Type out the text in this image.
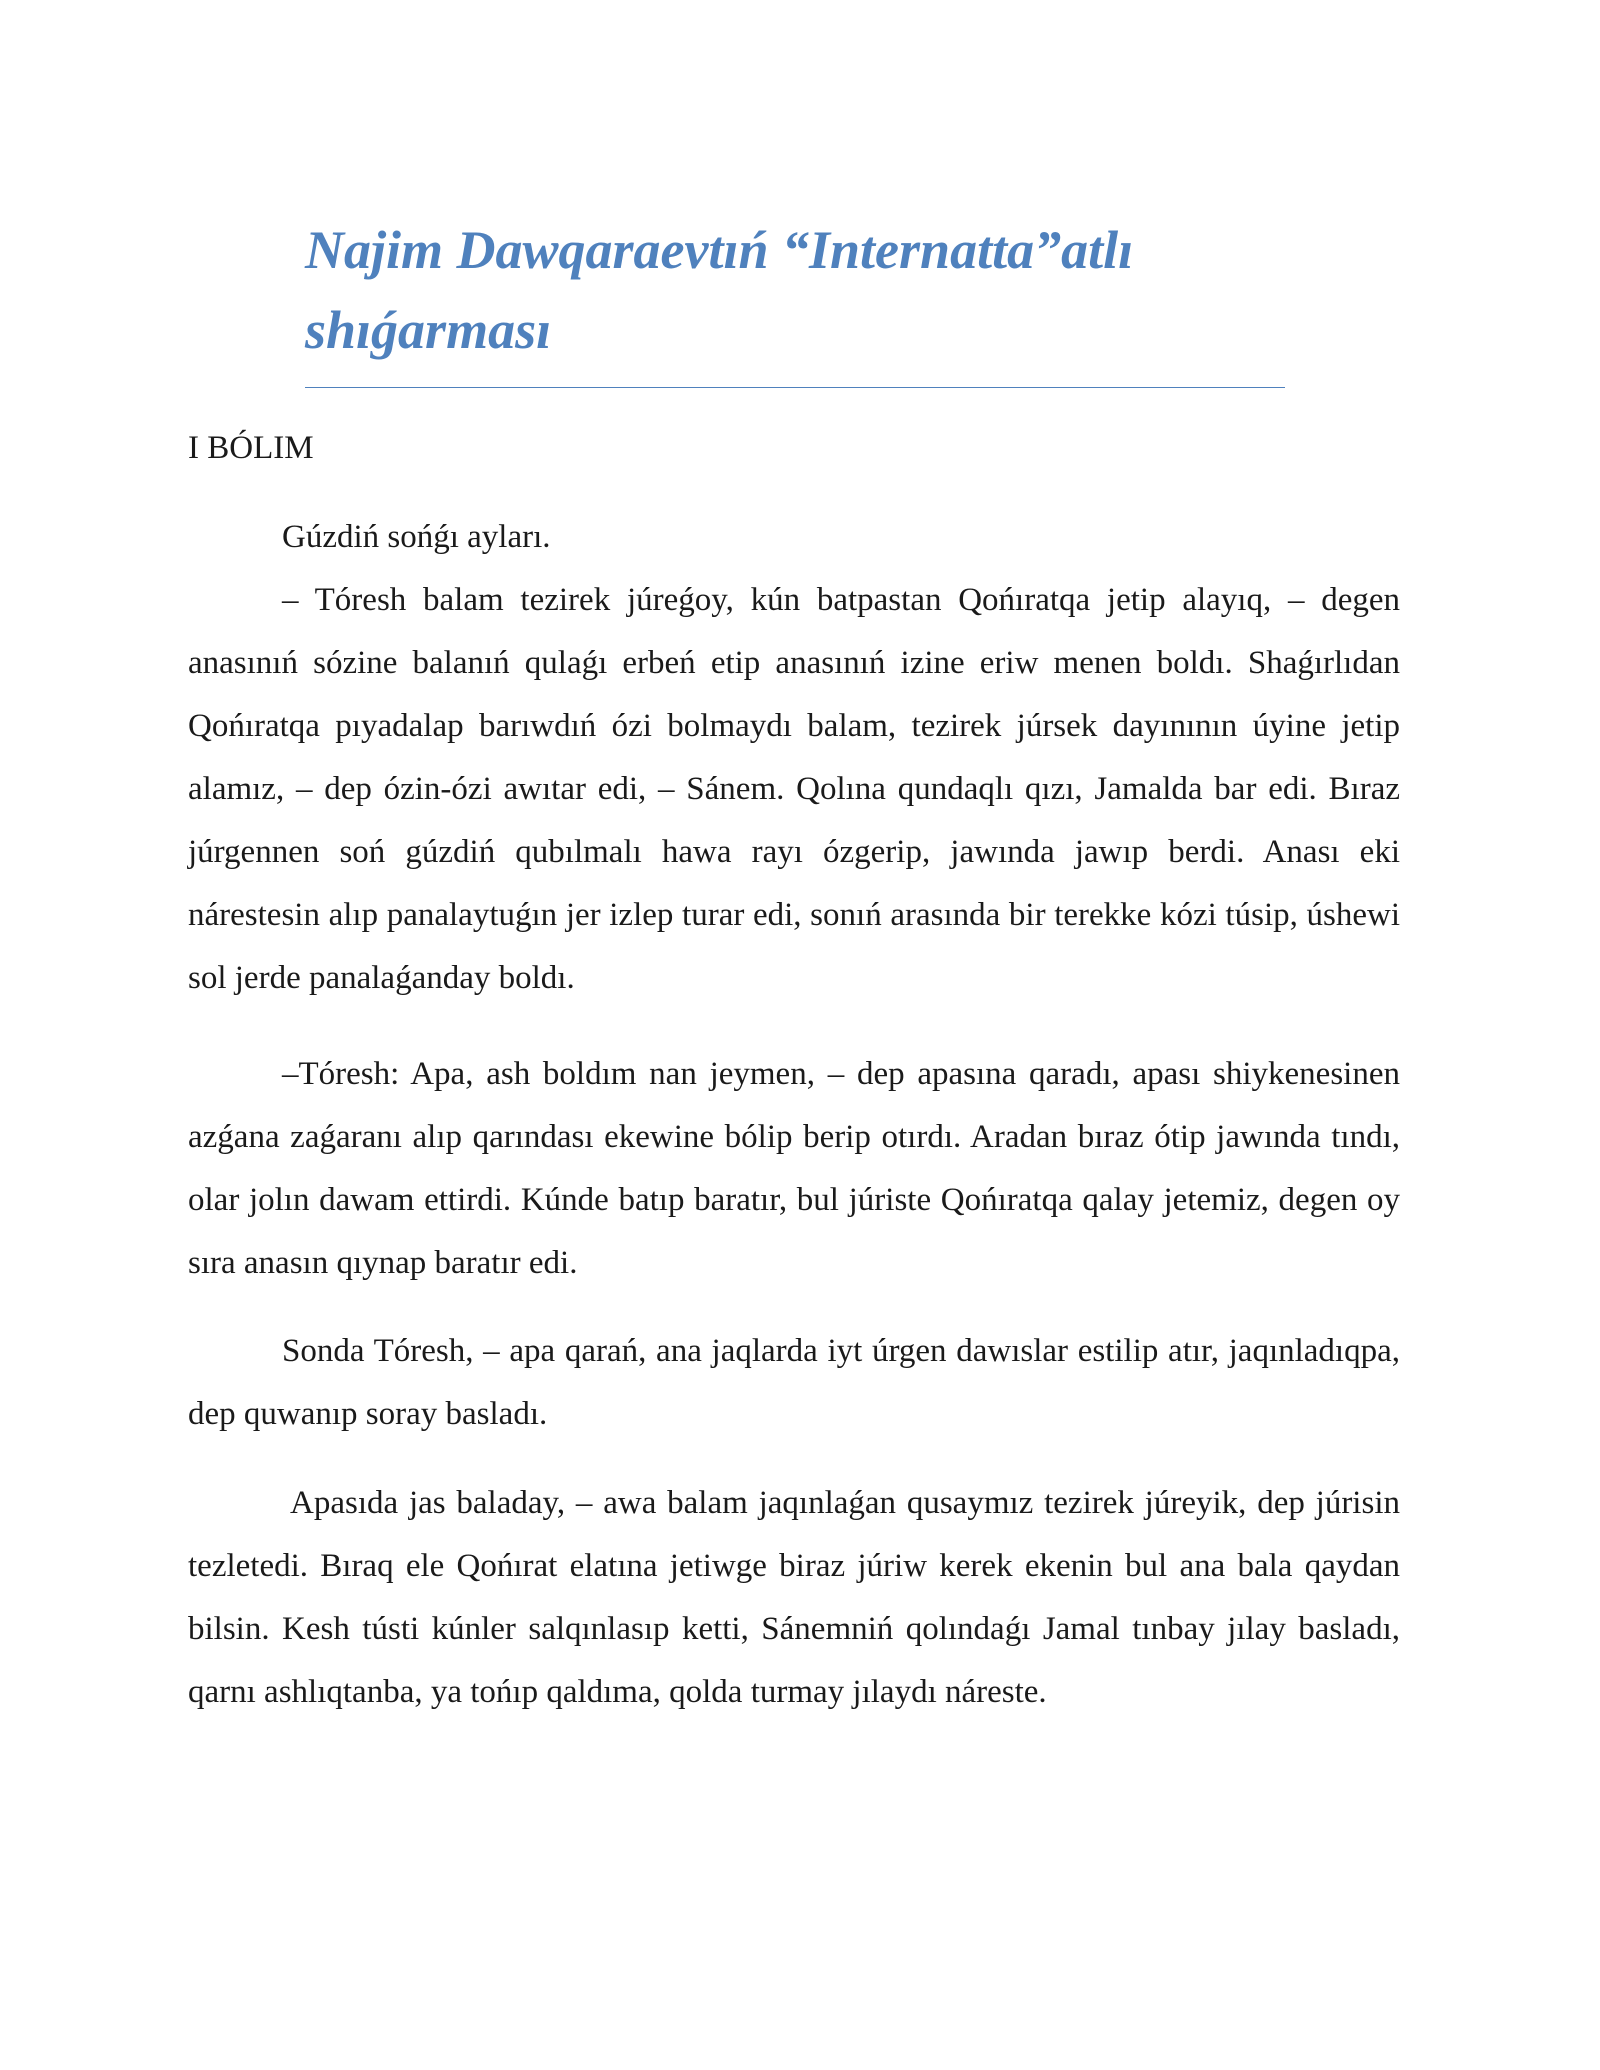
Najim Dawqaraevtıń “Internatta”atlı
shıǵarması
I BÓLIM

Gúzdiń sońǵı ayları.

– Tóresh balam tezirek júreǵoy, kún batpastan Qońıratqa jetip alayıq, – degen anasınıń sózine balanıń qulaǵı erbeń etip anasınıń izine eriw menen boldı. Shaǵırlıdan Qońıratqa pıyadalap barıwdıń ózi bolmaydı balam, tezirek júrsek dayınının úyine jetip alamız, – dep ózin-ózi awıtar edi, – Sánem. Qolına qundaqlı qızı, Jamalda bar edi. Bıraz júrgennen soń gúzdiń qubılmalı hawa rayı ózgerip, jawında jawıp berdi. Anası eki nárestesin alıp panalaytuǵın jer izlep turar edi, sonıń arasında bir terekke kózi túsip, úshewi sol jerde panalaǵanday boldı.

–Tóresh: Apa, ash boldım nan jeymen, – dep apasına qaradı, apası shiykenesinen azǵana zaǵaranı alıp qarındası ekewine bólip berip otırdı. Aradan bıraz ótip jawında tındı, olar jolın dawam ettirdi. Kúnde batıp baratır, bul júriste Qońıratqa qalay jetemiz, degen oy sıra anasın qıynap baratır edi.

Sonda Tóresh, – apa qarań, ana jaqlarda iyt úrgen dawıslar estilip atır, jaqınladıqpa, dep quwanıp soray basladı.

Apasıda jas baladay, – awa balam jaqınlaǵan qusaymız tezirek júreyik, dep júrisin tezletedi. Bıraq ele Qońırat elatına jetiwge biraz júriw kerek ekenin bul ana bala qaydan bilsin. Kesh tústi kúnler salqınlasıp ketti, Sánemniń qolındaǵı Jamal tınbay jılay basladı, qarnı ashlıqtanba, ya tońıp qaldıma, qolda turmay jılaydı náreste.
